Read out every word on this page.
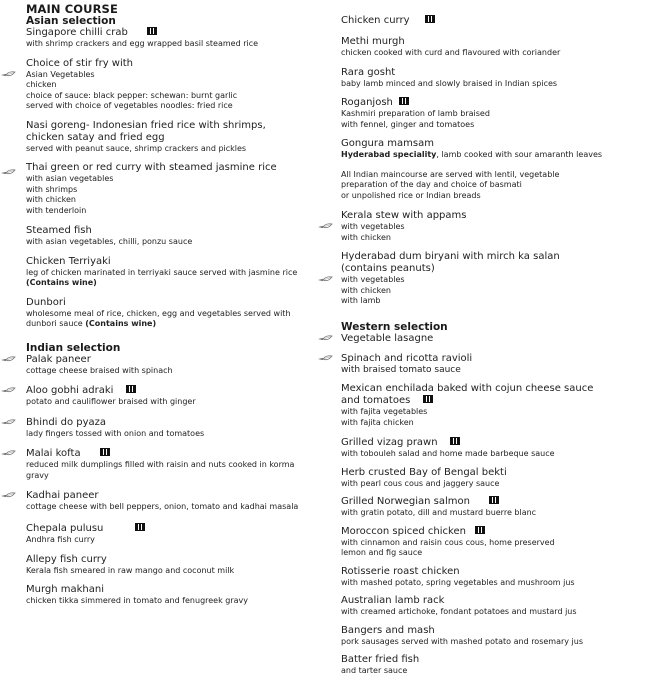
MAIN COURSE
Asian selection
Singapore chilli crab
with shrimp crackers and egg wrapped basil steamed rice
Choice of stir fry with
Asian Vegetables
chicken
choice of sauce: black pepper: schewan: burnt garlic
served with choice of vegetables noodles: fried rice
Nasi goreng- Indonesian fried rice with shrimps,
chicken satay and fried egg
served with peanut sauce, shrimp crackers and pickles
Thai green or red curry with steamed jasmine rice
with asian vegetables
with shrimps
with chicken
with tenderloin
Steamed fish
with asian vegetables, chilli, ponzu sauce
Chicken Terriyaki
leg of chicken marinated in terriyaki sauce served with jasmine rice (Contains wine)
Dunbori
wholesome meal of rice, chicken, egg and vegetables served with dunbori sauce (Contains wine)
Indian selection
Palak paneer
cottage cheese braised with spinach
Aloo gobhi adraki
potato and cauliflower braised with ginger
Bhindi do pyaza
lady fingers tossed with onion and tomatoes
Malai kofta
reduced milk dumplings filled with raisin and nuts cooked in korma gravy
Kadhai paneer
cottage cheese with bell peppers, onion, tomato and kadhai masala
Chepala pulusu
Andhra fish curry
Allepy fish curry
Kerala fish smeared in raw mango and coconut milk
Murgh makhani
chicken tikka simmered in tomato and fenugreek gravy
Chicken curry
Methi murgh
chicken cooked with curd and flavoured with coriander
Rara gosht
baby lamb minced and slowly braised in Indian spices
Roganjosh
Kashmiri preparation of lamb braised
with fennel, ginger and tomatoes
Gongura mamsam
Hyderabad speciality, lamb cooked with sour amaranth leaves
All Indian maincourse are served with lentil, vegetable
preparation of the day and choice of basmati
or unpolished rice or Indian breads
Kerala stew with appams
with vegetables
with chicken
Hyderabad dum biryani with mirch ka salan
(contains peanuts)
with vegetables
with chicken
with lamb
Western selection
Vegetable lasagne
Spinach and ricotta ravioli
with braised tomato sauce
Mexican enchilada baked with cojun cheese sauce
and tomatoes
with fajita vegetables
with fajita chicken
Grilled vizag prawn
with tobouleh salad and home made barbeque sauce
Herb crusted Bay of Bengal bekti
with pearl cous cous and jaggery sauce
Grilled Norwegian salmon
with gratin potato, dill and mustard buerre blanc
Moroccon spiced chicken
with cinnamon and raisin cous cous, home preserved
lemon and fig sauce
Rotisserie roast chicken
with mashed potato, spring vegetables and mushroom jus
Australian lamb rack
with creamed artichoke, fondant potatoes and mustard jus
Bangers and mash
pork sausages served with mashed potato and rosemary jus
Batter fried fish
and tarter sauce
